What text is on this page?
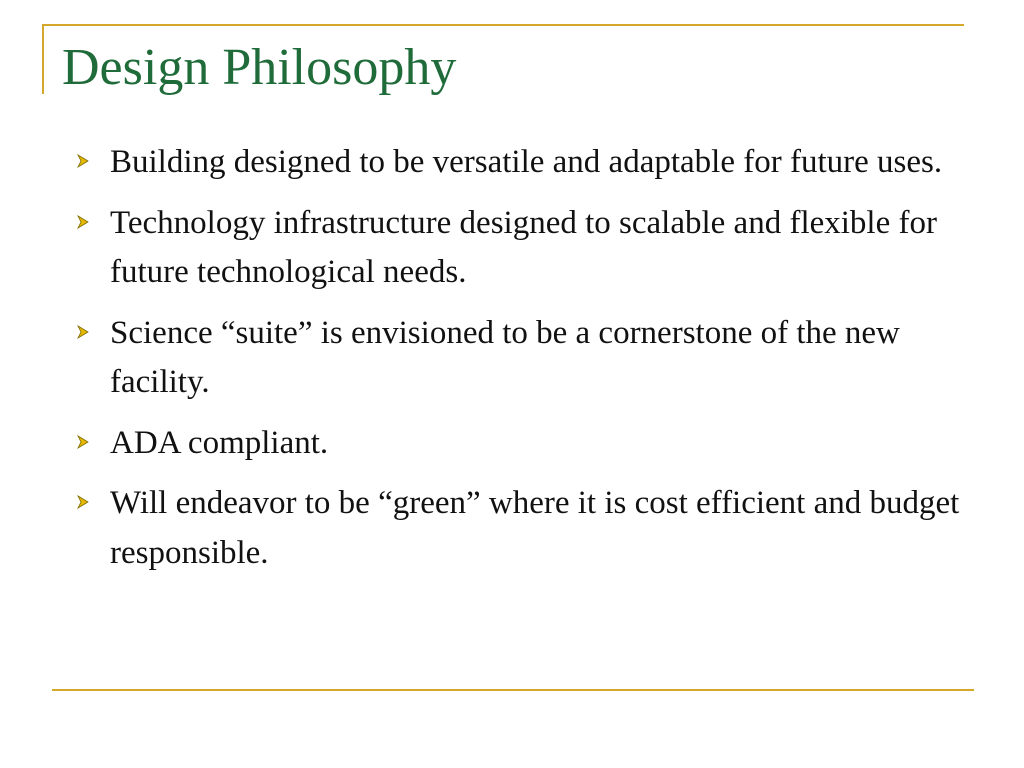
Design Philosophy
Building designed to be versatile and adaptable for future uses.
Technology infrastructure designed to scalable and flexible for future technological needs.
Science “suite” is envisioned to be a cornerstone of the new facility.
ADA compliant.
Will endeavor to be “green” where it is cost efficient and budget responsible.
